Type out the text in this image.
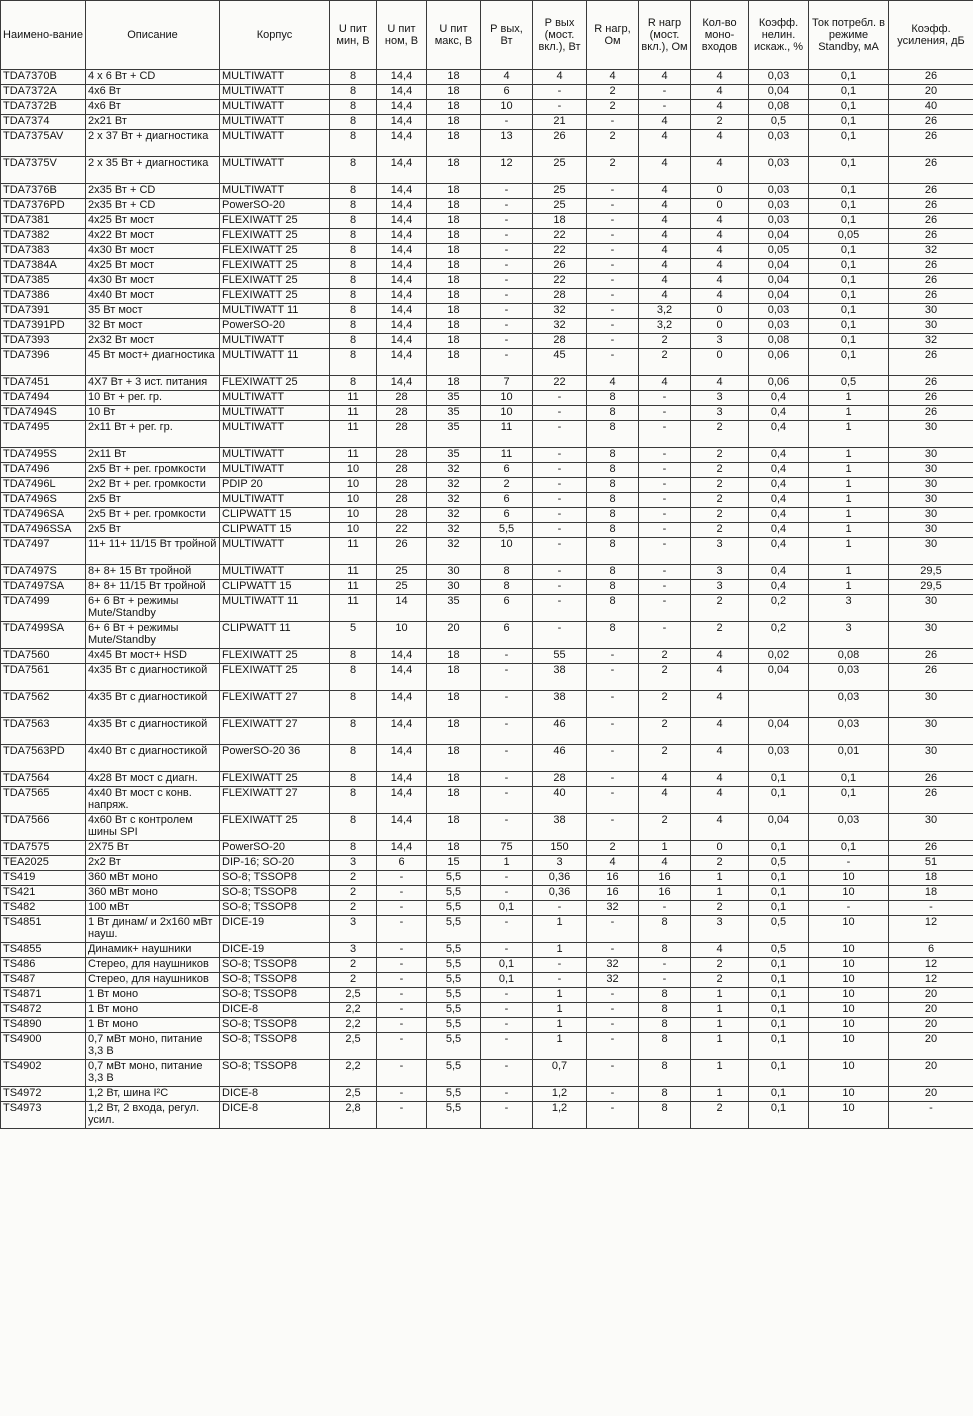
Наимено-вание	Описание	Корпус	U пит мин, В	U пит ном, В	U пит макс, В	Р вых, Вт	Р вых (мост. вкл.), Вт	R нагр, Ом	R нагр (мост. вкл.), Ом	Кол-во моно-входов	Коэфф. нелин. искаж., %	Ток потребл. в режиме Standby, мА	Коэфф. усиления, дБ
TDA7370B	4 x 6 Вт + CD	MULTIWATT	8	14,4	18	4	4	4	4	4	0,03	0,1	26
TDA7372A	4x6 Вт	MULTIWATT	8	14,4	18	6	-	2	-	4	0,04	0,1	20
TDA7372B	4x6 Вт	MULTIWATT	8	14,4	18	10	-	2	-	4	0,08	0,1	40
TDA7374	2x21 Вт	MULTIWATT	8	14,4	18	-	21	-	4	2	0,5	0,1	26
TDA7375AV	2 x 37 Вт + диагностика	MULTIWATT	8	14,4	18	13	26	2	4	4	0,03	0,1	26
TDA7375V	2 x 35 Вт + диагностика	MULTIWATT	8	14,4	18	12	25	2	4	4	0,03	0,1	26
TDA7376B	2x35 Вт + CD	MULTIWATT	8	14,4	18	-	25	-	4	0	0,03	0,1	26
TDA7376PD	2x35 Вт + CD	PowerSO-20	8	14,4	18	-	25	-	4	0	0,03	0,1	26
TDA7381	4x25 Вт мост	FLEXIWATT 25	8	14,4	18	-	18	-	4	4	0,03	0,1	26
TDA7382	4x22 Вт мост	FLEXIWATT 25	8	14,4	18	-	22	-	4	4	0,04	0,05	26
TDA7383	4x30 Вт мост	FLEXIWATT 25	8	14,4	18	-	22	-	4	4	0,05	0,1	32
TDA7384A	4x25 Вт мост	FLEXIWATT 25	8	14,4	18	-	26	-	4	4	0,04	0,1	26
TDA7385	4x30 Вт мост	FLEXIWATT 25	8	14,4	18	-	22	-	4	4	0,04	0,1	26
TDA7386	4x40 Вт мост	FLEXIWATT 25	8	14,4	18	-	28	-	4	4	0,04	0,1	26
TDA7391	35 Вт мост	MULTIWATT 11	8	14,4	18	-	32	-	3,2	0	0,03	0,1	30
TDA7391PD	32 Вт мост	PowerSO-20	8	14,4	18	-	32	-	3,2	0	0,03	0,1	30
TDA7393	2x32 Вт мост	MULTIWATT	8	14,4	18	-	28	-	2	3	0,08	0,1	32
TDA7396	45 Вт мост+ диагностика	MULTIWATT 11	8	14,4	18	-	45	-	2	0	0,06	0,1	26
TDA7451	4X7 Вт + 3 ист. питания	FLEXIWATT 25	8	14,4	18	7	22	4	4	4	0,06	0,5	26
TDA7494	10 Вт + рег. гр.	MULTIWATT	11	28	35	10	-	8	-	3	0,4	1	26
TDA7494S	10 Вт	MULTIWATT	11	28	35	10	-	8	-	3	0,4	1	26
TDA7495	2x11 Вт + рег. гр.	MULTIWATT	11	28	35	11	-	8	-	2	0,4	1	30
TDA7495S	2x11 Вт	MULTIWATT	11	28	35	11	-	8	-	2	0,4	1	30
TDA7496	2x5 Вт + рег. громкости	MULTIWATT	10	28	32	6	-	8	-	2	0,4	1	30
TDA7496L	2x2 Вт + рег. громкости	PDIP 20	10	28	32	2	-	8	-	2	0,4	1	30
TDA7496S	2x5 Вт	MULTIWATT	10	28	32	6	-	8	-	2	0,4	1	30
TDA7496SA	2x5 Вт + рег. громкости	CLIPWATT 15	10	28	32	6	-	8	-	2	0,4	1	30
TDA7496SSA	2x5 Вт	CLIPWATT 15	10	22	32	5,5	-	8	-	2	0,4	1	30
TDA7497	11+ 11+ 11/15 Вт тройной	MULTIWATT	11	26	32	10	-	8	-	3	0,4	1	30
TDA7497S	8+ 8+ 15 Вт тройной	MULTIWATT	11	25	30	8	-	8	-	3	0,4	1	29,5
TDA7497SA	8+ 8+ 11/15 Вт тройной	CLIPWATT 15	11	25	30	8	-	8	-	3	0,4	1	29,5
TDA7499	6+ 6 Вт + режимы Mute/Standby	MULTIWATT 11	11	14	35	6	-	8	-	2	0,2	3	30
TDA7499SA	6+ 6 Вт + режимы Mute/Standby	CLIPWATT 11	5	10	20	6	-	8	-	2	0,2	3	30
TDA7560	4x45 Вт мост+ HSD	FLEXIWATT 25	8	14,4	18	-	55	-	2	4	0,02	0,08	26
TDA7561	4x35 Вт с диагностикой	FLEXIWATT 25	8	14,4	18	-	38	-	2	4	0,04	0,03	26
TDA7562	4x35 Вт с диагностикой	FLEXIWATT 27	8	14,4	18	-	38	-	2	4		0,03	30
TDA7563	4x35 Вт с диагностикой	FLEXIWATT 27	8	14,4	18	-	46	-	2	4	0,04	0,03	30
TDA7563PD	4x40 Вт с диагностикой	PowerSO-20 36	8	14,4	18	-	46	-	2	4	0,03	0,01	30
TDA7564	4x28 Вт мост с диагн.	FLEXIWATT 25	8	14,4	18	-	28	-	4	4	0,1	0,1	26
TDA7565	4x40 Вт мост с конв. напряж.	FLEXIWATT 27	8	14,4	18	-	40	-	4	4	0,1	0,1	26
TDA7566	4x60 Вт с контролем шины SPI	FLEXIWATT 25	8	14,4	18	-	38	-	2	4	0,04	0,03	30
TDA7575	2X75 Вт	PowerSO-20	8	14,4	18	75	150	2	1	0	0,1	0,1	26
TEA2025	2x2 Вт	DIP-16; SO-20	3	6	15	1	3	4	4	2	0,5	-	51
TS419	360 мВт моно	SO-8; TSSOP8	2	-	5,5	-	0,36	16	16	1	0,1	10	18
TS421	360 мВт моно	SO-8; TSSOP8	2	-	5,5	-	0,36	16	16	1	0,1	10	18
TS482	100 мВт	SO-8; TSSOP8	2	-	5,5	0,1	-	32	-	2	0,1	-	-
TS4851	1 Вт динам/ и 2x160 мВт науш.	DICE-19	3	-	5,5	-	1	-	8	3	0,5	10	12
TS4855	Динамик+ наушники	DICE-19	3	-	5,5	-	1	-	8	4	0,5	10	6
TS486	Стерео, для наушников	SO-8; TSSOP8	2	-	5,5	0,1	-	32	-	2	0,1	10	12
TS487	Стерео, для наушников	SO-8; TSSOP8	2	-	5,5	0,1	-	32	-	2	0,1	10	12
TS4871	1 Вт моно	SO-8; TSSOP8	2,5	-	5,5	-	1	-	8	1	0,1	10	20
TS4872	1 Вт моно	DICE-8	2,2	-	5,5	-	1	-	8	1	0,1	10	20
TS4890	1 Вт моно	SO-8; TSSOP8	2,2	-	5,5	-	1	-	8	1	0,1	10	20
TS4900	0,7 мВт моно, питание 3,3 В	SO-8; TSSOP8	2,5	-	5,5	-	1	-	8	1	0,1	10	20
TS4902	0,7 мВт моно, питание 3,3 В	SO-8; TSSOP8	2,2	-	5,5	-	0,7	-	8	1	0,1	10	20
TS4972	1,2 Вт, шина I²C	DICE-8	2,5	-	5,5	-	1,2	-	8	1	0,1	10	20
TS4973	1,2 Вт, 2 входа, регул. усил.	DICE-8	2,8	-	5,5	-	1,2	-	8	2	0,1	10	-
